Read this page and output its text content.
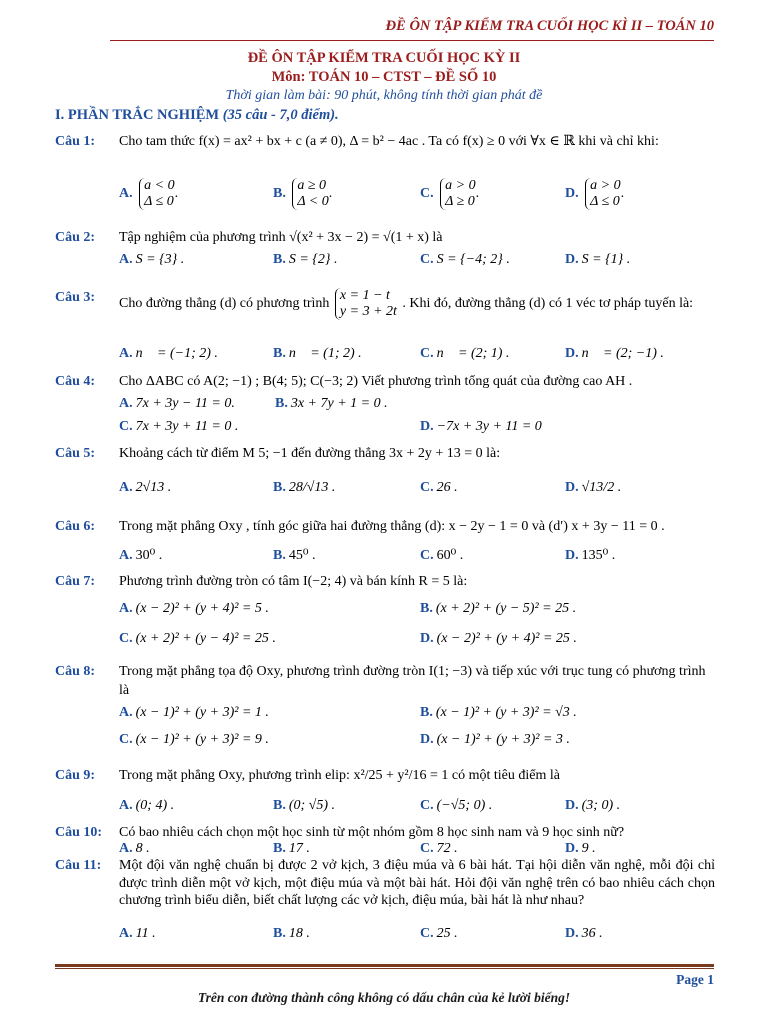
ĐỀ ÔN TẬP KIỂM TRA CUỐI HỌC KÌ II – TOÁN 10
ĐỀ ÔN TẬP KIỂM TRA CUỐI HỌC KỲ II
Môn: TOÁN 10 – CTST – ĐỀ SỐ 10
Thời gian làm bài: 90 phút, không tính thời gian phát đề
I. PHẦN TRẮC NGHIỆM (35 câu - 7,0 điểm).
Câu 1: Cho tam thức f(x) = ax² + bx + c (a ≠ 0), Δ = b² − 4ac . Ta có f(x) ≥ 0 với ∀x ∈ ℝ khi và chỉ khi:
A. a < 0
Δ ≤ 0.	B. a ≥ 0
Δ < 0.	C. a > 0
Δ ≥ 0.	D. a > 0
Δ ≤ 0.
Câu 2: Tập nghiệm của phương trình √(x² + 3x − 2) = √(1 + x) là
A. S = {3} .	B. S = {2} .	C. S = {−4; 2} .	D. S = {1} .
Câu 3: Cho đường thẳng (d) có phương trình x = 1 − t
y = 3 + 2t . Khi đó, đường thẳng (d) có 1 véc tơ pháp tuyến là:
A. n⃗ = (−1; 2) .	B. n⃗ = (1; 2) .	C. n⃗ = (2; 1) .	D. n⃗ = (2; −1) .
Câu 4: Cho ΔABC có A(2; −1) ; B(4; 5); C(−3; 2) Viết phương trình tổng quát của đường cao AH .
A. 7x + 3y − 11 = 0.	B. 3x + 7y + 1 = 0 .
C. 7x + 3y + 11 = 0 .	D. −7x + 3y + 11 = 0
Câu 5: Khoảng cách từ điểm M 5; −1 đến đường thẳng 3x + 2y + 13 = 0 là:
A. 2√13 .	B. 28/√13 .	C. 26 .	D. √13/2 .
Câu 6: Trong mặt phẳng Oxy , tính góc giữa hai đường thẳng (d): x − 2y − 1 = 0 và (d′) x + 3y − 11 = 0 .
A. 30⁰ .	B. 45⁰ .	C. 60⁰ .	D. 135⁰ .
Câu 7: Phương trình đường tròn có tâm I(−2; 4) và bán kính R = 5 là:
A. (x − 2)² + (y + 4)² = 5 .	B. (x + 2)² + (y − 5)² = 25 .
C. (x + 2)² + (y − 4)² = 25 .	D. (x − 2)² + (y + 4)² = 25 .
Câu 8: Trong mặt phẳng tọa độ Oxy, phương trình đường tròn I(1; −3) và tiếp xúc với trục tung có phương trình là
A. (x − 1)² + (y + 3)² = 1 .	B. (x − 1)² + (y + 3)² = √3 .
C. (x − 1)² + (y + 3)² = 9 .	D. (x − 1)² + (y + 3)² = 3 .
Câu 9: Trong mặt phẳng Oxy, phương trình elip: x²/25 + y²/16 = 1 có một tiêu điểm là
A. (0; 4) .	B. (0; √5) .	C. (−√5; 0) .	D. (3; 0) .
Câu 10: Có bao nhiêu cách chọn một học sinh từ một nhóm gồm 8 học sinh nam và 9 học sinh nữ?
A. 8 .	B. 17 .	C. 72 .	D. 9 .
Câu 11: Một đội văn nghệ chuẩn bị được 2 vở kịch, 3 điệu múa và 6 bài hát. Tại hội diễn văn nghệ, mỗi đội chỉ được trình diễn một vở kịch, một điệu múa và một bài hát. Hỏi đội văn nghệ trên có bao nhiêu cách chọn chương trình biểu diễn, biết chất lượng các vở kịch, điệu múa, bài hát là như nhau?
A. 11 .	B. 18 .	C. 25 .	D. 36 .
Page 1
Trên con đường thành công không có dấu chân của kẻ lười biếng!
